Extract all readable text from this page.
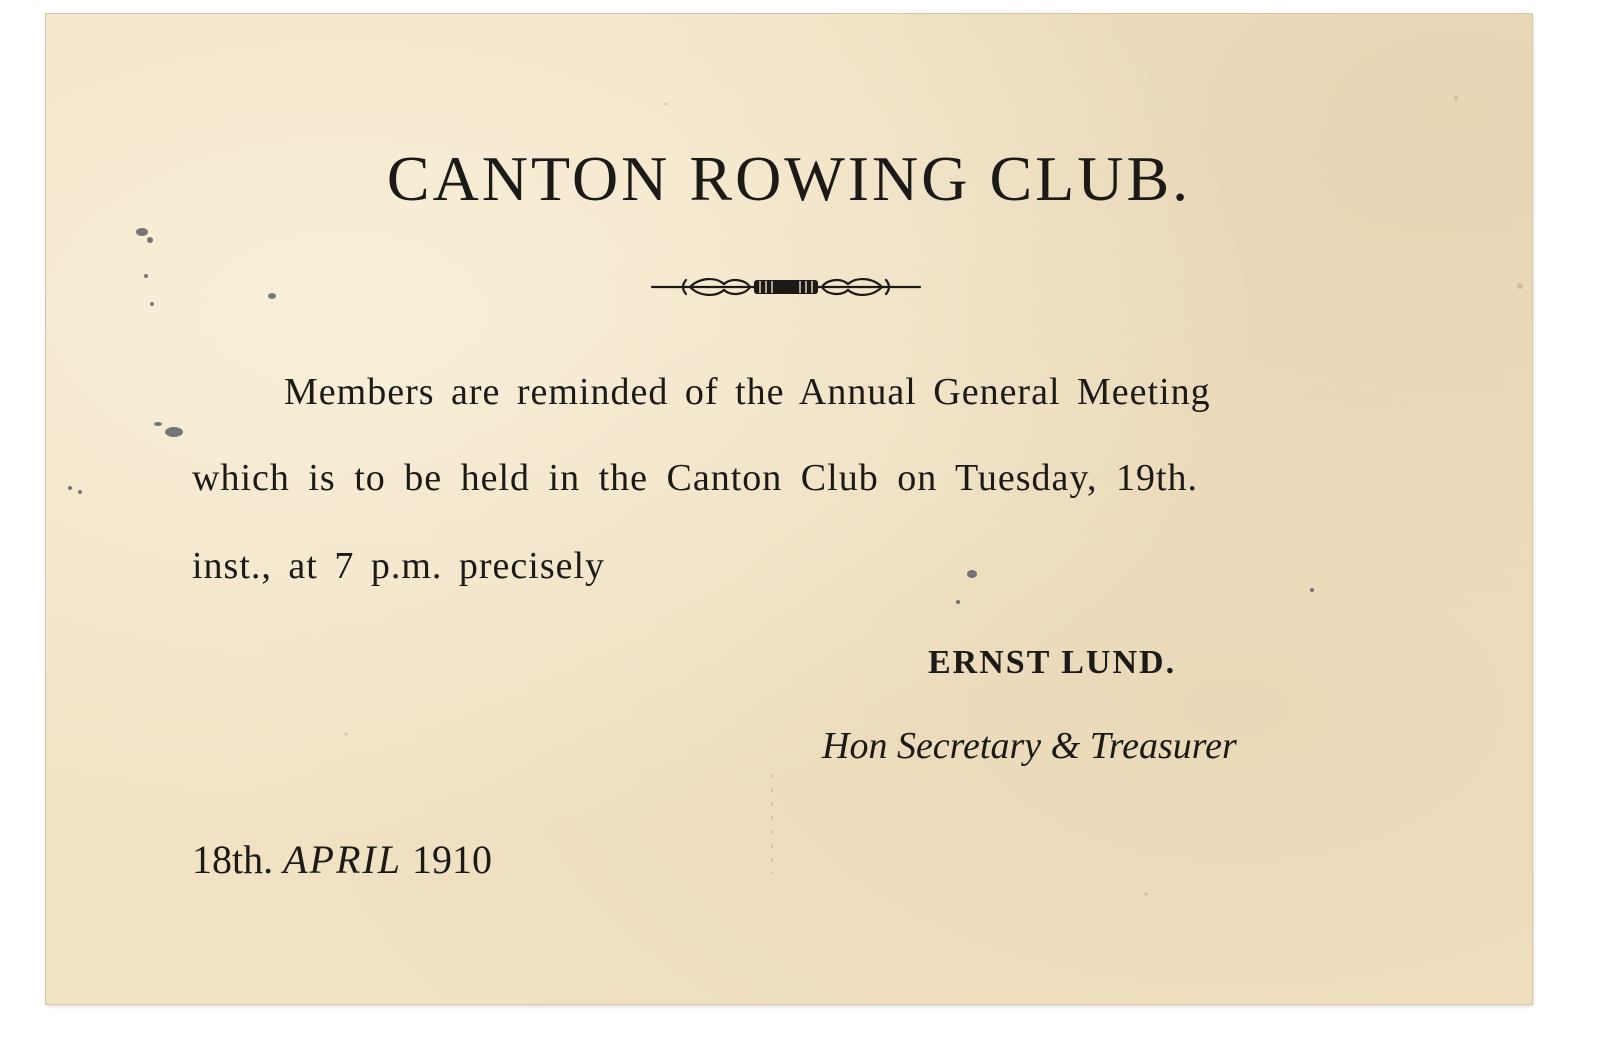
CANTON ROWING CLUB.
Members are reminded of the Annual General Meeting
which is to be held in the Canton Club on Tuesday, 19th.
inst., at 7 p.m. precisely
ERNST LUND.
Hon Secretary & Treasurer
18th. APRIL 1910
